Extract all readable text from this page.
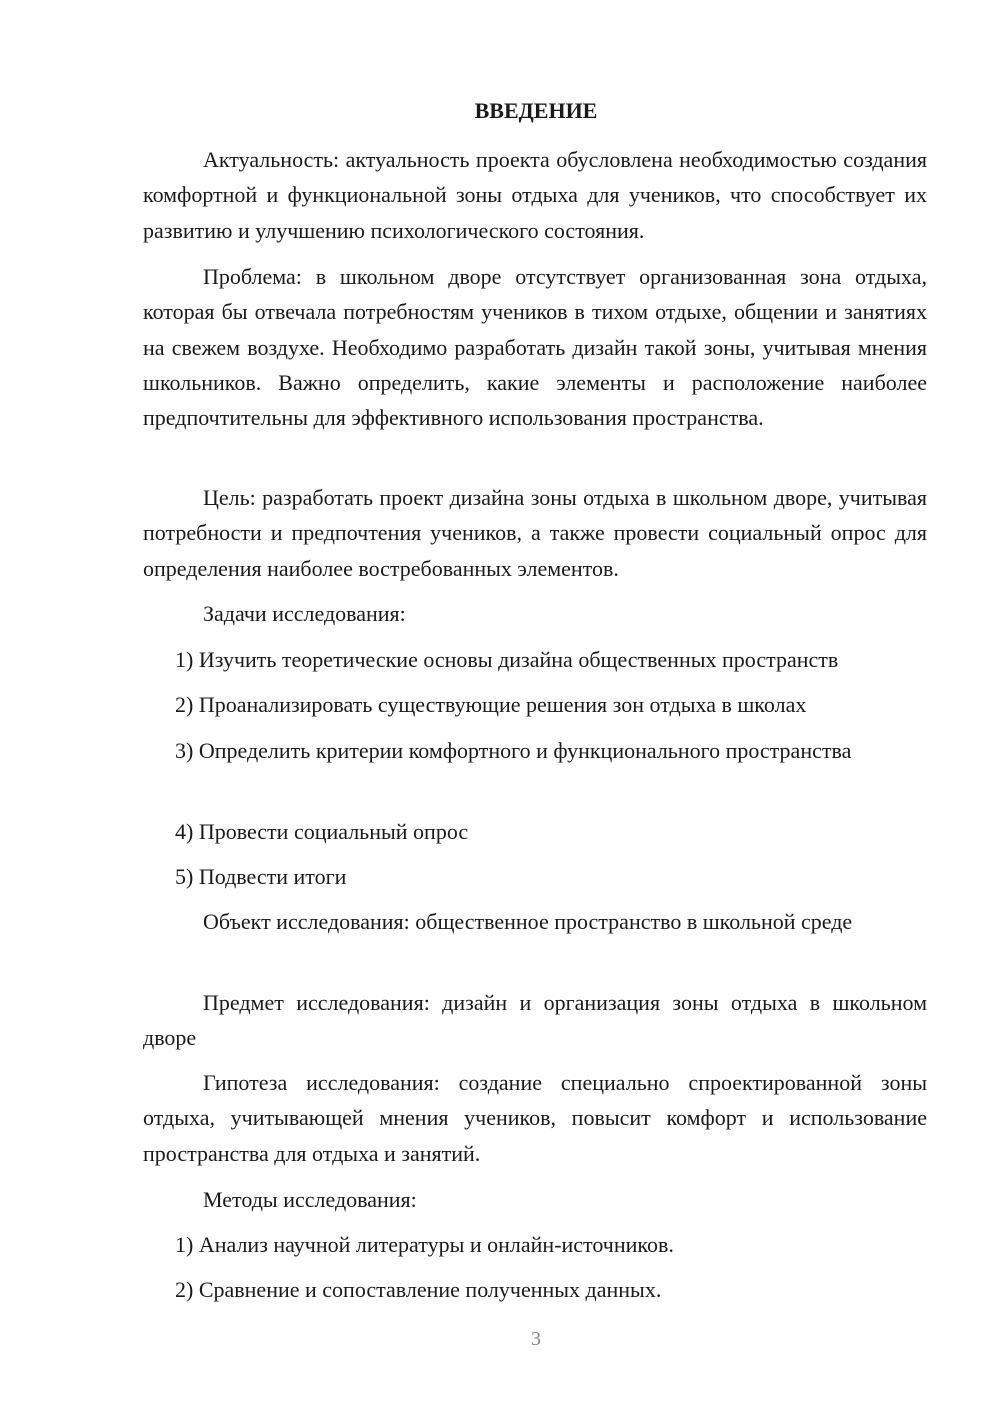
ВВЕДЕНИЕ

Актуальность: актуальность проекта обусловлена необходимостью создания комфортной и функциональной зоны отдыха для учеников, что способствует их развитию и улучшению психологического состояния.

Проблема: в школьном дворе отсутствует организованная зона отдыха, которая бы отвечала потребностям учеников в тихом отдыхе, общении и занятиях на свежем воздухе. Необходимо разработать дизайн такой зоны, учитывая мнения школьников. Важно определить, какие элементы и расположение наиболее предпочтительны для эффективного использования пространства.

Цель: разработать проект дизайна зоны отдыха в школьном дворе, учитывая потребности и предпочтения учеников, а также провести социальный опрос для определения наиболее востребованных элементов.

Задачи исследования:

1) Изучить теоретические основы дизайна общественных пространств

2) Проанализировать существующие решения зон отдыха в школах

3) Определить критерии комфортного и функционального пространства

4) Провести социальный опрос

5) Подвести итоги

Объект исследования: общественное пространство в школьной среде

Предмет исследования: дизайн и организация зоны отдыха в школьном дворе

Гипотеза исследования: создание специально спроектированной зоны отдыха, учитывающей мнения учеников, повысит комфорт и использование пространства для отдыха и занятий.

Методы исследования:

1) Анализ научной литературы и онлайн-источников.

2) Сравнение и сопоставление полученных данных.

3
